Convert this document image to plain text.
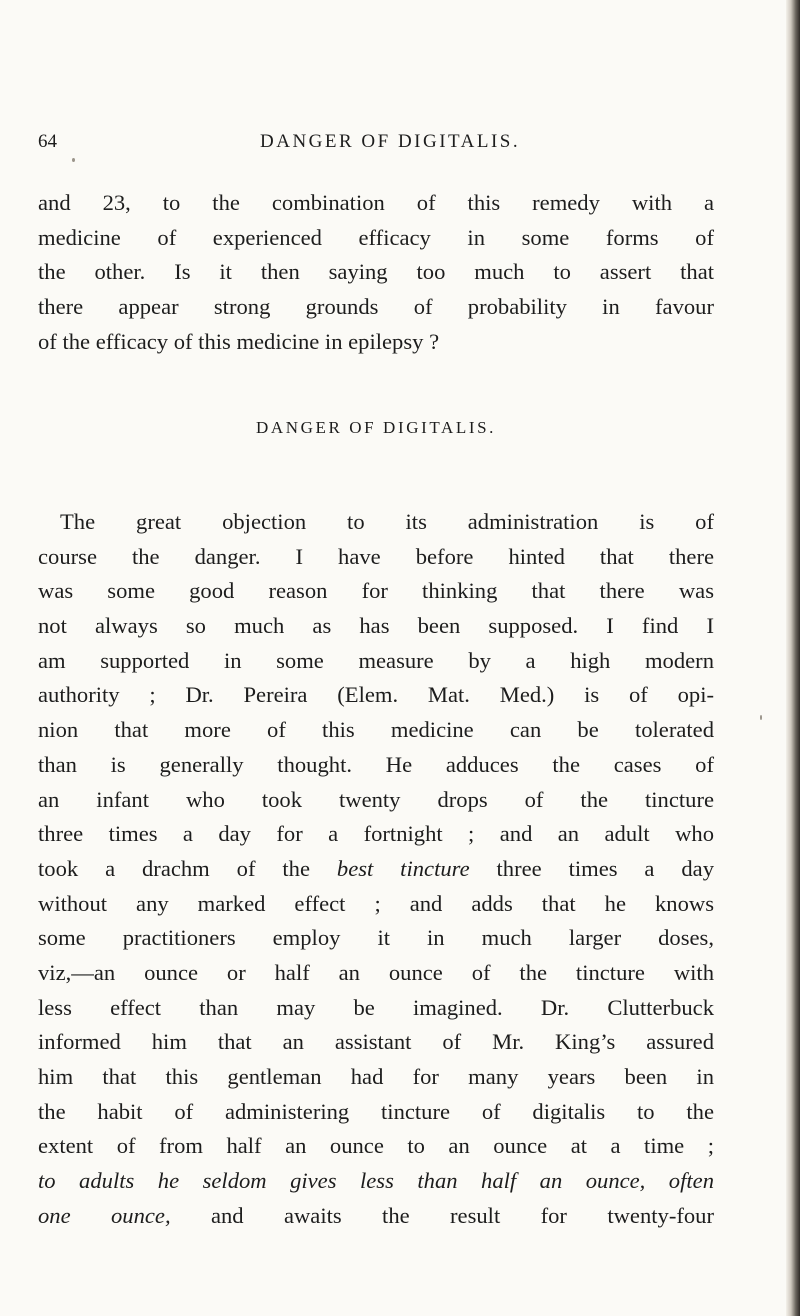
64	DANGER OF DIGITALIS.
and 23, to the combination of this remedy with a
medicine of experienced efficacy in some forms of
the other. Is it then saying too much to assert that
there appear strong grounds of probability in favour
of the efficacy of this medicine in epilepsy ?
DANGER OF DIGITALIS.
The great objection to its administration is of
course the danger. I have before hinted that there
was some good reason for thinking that there was
not always so much as has been supposed. I find I
am supported in some measure by a high modern
authority ; Dr. Pereira (Elem. Mat. Med.) is of opi-
nion that more of this medicine can be tolerated
than is generally thought. He adduces the cases of
an infant who took twenty drops of the tincture
three times a day for a fortnight ; and an adult who
took a drachm of the best tincture three times a day
without any marked effect ; and adds that he knows
some practitioners employ it in much larger doses,
viz,—an ounce or half an ounce of the tincture with
less effect than may be imagined. Dr. Clutterbuck
informed him that an assistant of Mr. King’s assured
him that this gentleman had for many years been in
the habit of administering tincture of digitalis to the
extent of from half an ounce to an ounce at a time ;
to adults he seldom gives less than half an ounce, often
one ounce, and awaits the result for twenty-four
